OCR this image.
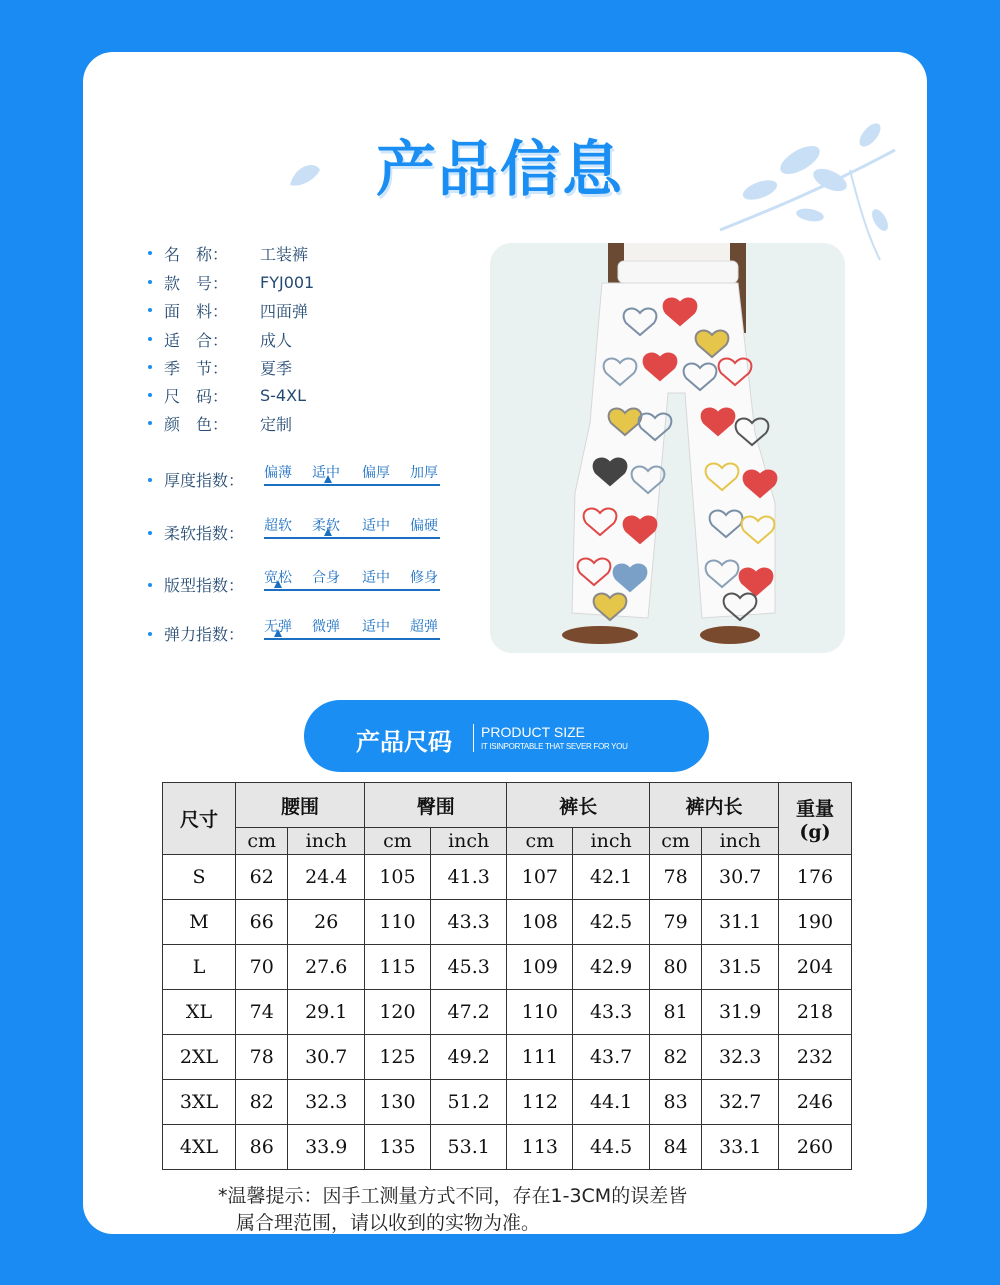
产品信息
名　称：	工装裤
款　号：	FYJ001
面　料：	四面弹
适　合：	成人
季　节：	夏季
尺　码：	S-4XL
颜　色：	定制
厚度指数： 偏薄 适中 偏厚 加厚
柔软指数： 超软 柔软 适中 偏硬
版型指数： 宽松 合身 适中 修身
弹力指数： 无弹 微弹 适中 超弹
产品尺码 PRODUCT SIZE
IT ISINPORTABLE THAT SEVER FOR YOU
尺寸	腰围		臀围		裤长		裤内长		重量
(g)

	cm	inch	cm	inch	cm	inch	cm	inch	
S	62	24.4	105	41.3	107	42.1	78	30.7	176
M	66	26	110	43.3	108	42.5	79	31.1	190
L	70	27.6	115	45.3	109	42.9	80	31.5	204
XL	74	29.1	120	47.2	110	43.3	81	31.9	218
2XL	78	30.7	125	49.2	111	43.7	82	32.3	232
3XL	82	32.3	130	51.2	112	44.1	83	32.7	246
4XL	86	33.9	135	53.1	113	44.5	84	33.1	260
*温馨提示：因手工测量方式不同，存在1-3CM的误差皆
属合理范围，请以收到的实物为准。
